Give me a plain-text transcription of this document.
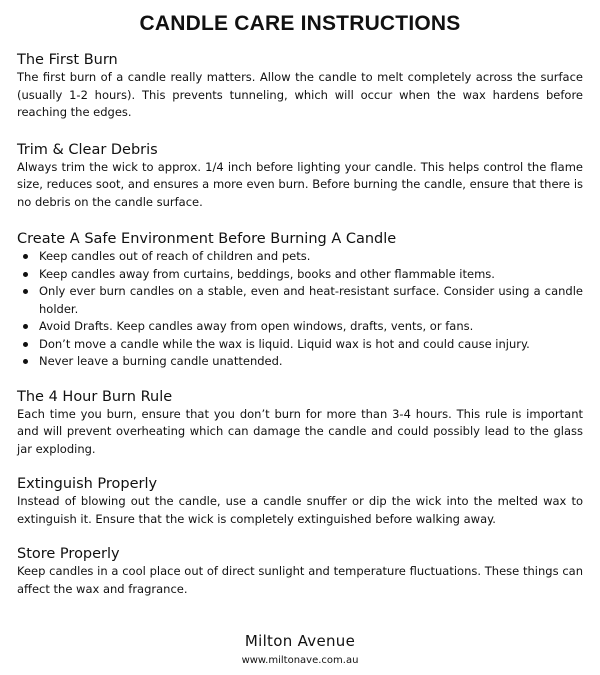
CANDLE CARE INSTRUCTIONS
The First Burn

The first burn of a candle really matters. Allow the candle to melt completely across the surface (usually 1-2 hours). This prevents tunneling, which will occur when the wax hardens before reaching the edges.

Trim & Clear Debris

Always trim the wick to approx. 1/4 inch before lighting your candle. This helps control the flame size, reduces soot, and ensures a more even burn. Before burning the candle, ensure that there is no debris on the candle surface.

Create A Safe Environment Before Burning A Candle
Keep candles out of reach of children and pets.
Keep candles away from curtains, beddings, books and other flammable items.
Only ever burn candles on a stable, even and heat-resistant surface. Consider using a candle holder.
Avoid Drafts. Keep candles away from open windows, drafts, vents, or fans.
Don’t move a candle while the wax is liquid. Liquid wax is hot and could cause injury.
Never leave a burning candle unattended.
The 4 Hour Burn Rule

Each time you burn, ensure that you don’t burn for more than 3-4 hours. This rule is important and will prevent overheating which can damage the candle and could possibly lead to the glass jar exploding.

Extinguish Properly

Instead of blowing out the candle, use a candle snuffer or dip the wick into the melted wax to extinguish it. Ensure that the wick is completely extinguished before walking away.

Store Properly

Keep candles in a cool place out of direct sunlight and temperature fluctuations. These things can affect the wax and fragrance.

Milton Avenue
www.miltonave.com.au
